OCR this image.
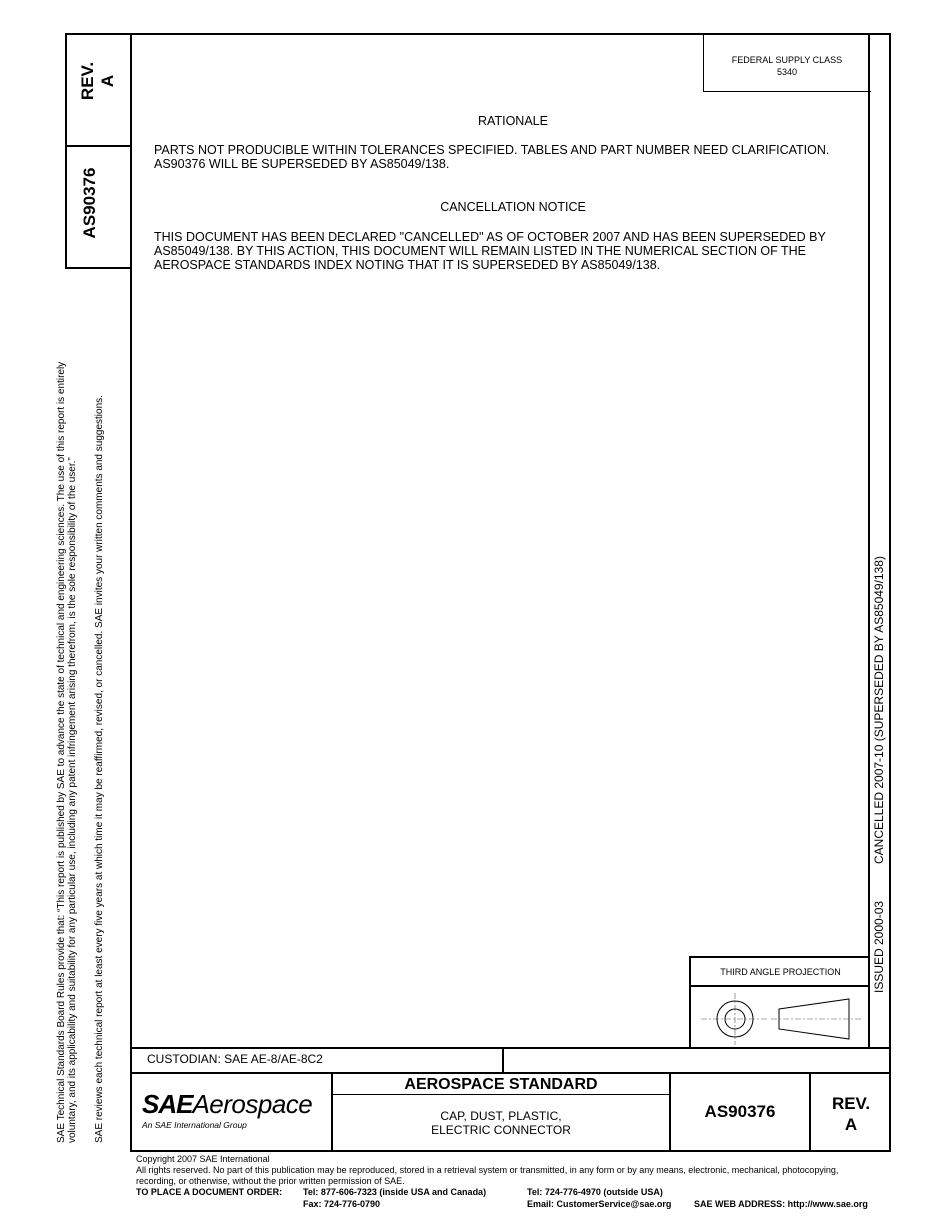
REV.
A
AS90376
SAE Technical Standards Board Rules provide that: “This report is published by SAE to advance the state of technical and engineering sciences. The use of this report is entirely voluntary, and its applicability and suitability for any particular use, including any patent infringement arising therefrom, is the sole responsibility of the user.” SAE reviews each technical report at least every five years at which time it may be reaffirmed, revised, or cancelled. SAE invites your written comments and suggestions.	ISSUED 2000-03
CANCELLED 2007-10 (SUPERSEDED BY AS85049/138)
FEDERAL SUPPLY CLASS
5340
RATIONALE
PARTS NOT PRODUCIBLE WITHIN TOLERANCES SPECIFIED. TABLES AND PART NUMBER NEED CLARIFICATION. AS90376 WILL BE SUPERSEDED BY AS85049/138.
CANCELLATION NOTICE
THIS DOCUMENT HAS BEEN DECLARED "CANCELLED" AS OF OCTOBER 2007 AND HAS BEEN SUPERSEDED BY AS85049/138. BY THIS ACTION, THIS DOCUMENT WILL REMAIN LISTED IN THE NUMERICAL SECTION OF THE AEROSPACE STANDARDS INDEX NOTING THAT IT IS SUPERSEDED BY AS85049/138.
THIRD ANGLE PROJECTION
CUSTODIAN: SAE AE-8/AE-8C2
SAEAerospace
An SAE International Group
AEROSPACE STANDARD
CAP, DUST, PLASTIC,
ELECTRIC CONNECTOR
AS90376	REV.
A
Copyright 2007 SAE International
All rights reserved. No part of this publication may be reproduced, stored in a retrieval system or transmitted, in any form or by any means, electronic, mechanical, photocopying,
recording, or otherwise, without the prior written permission of SAE.
TO PLACE A DOCUMENT ORDER: Tel: 877-606-7323 (inside USA and Canada)
Fax: 724-776-0790
Tel: 724-776-4970 (outside USA)
Email: CustomerService@sae.org	SAE WEB ADDRESS: http://www.sae.org
